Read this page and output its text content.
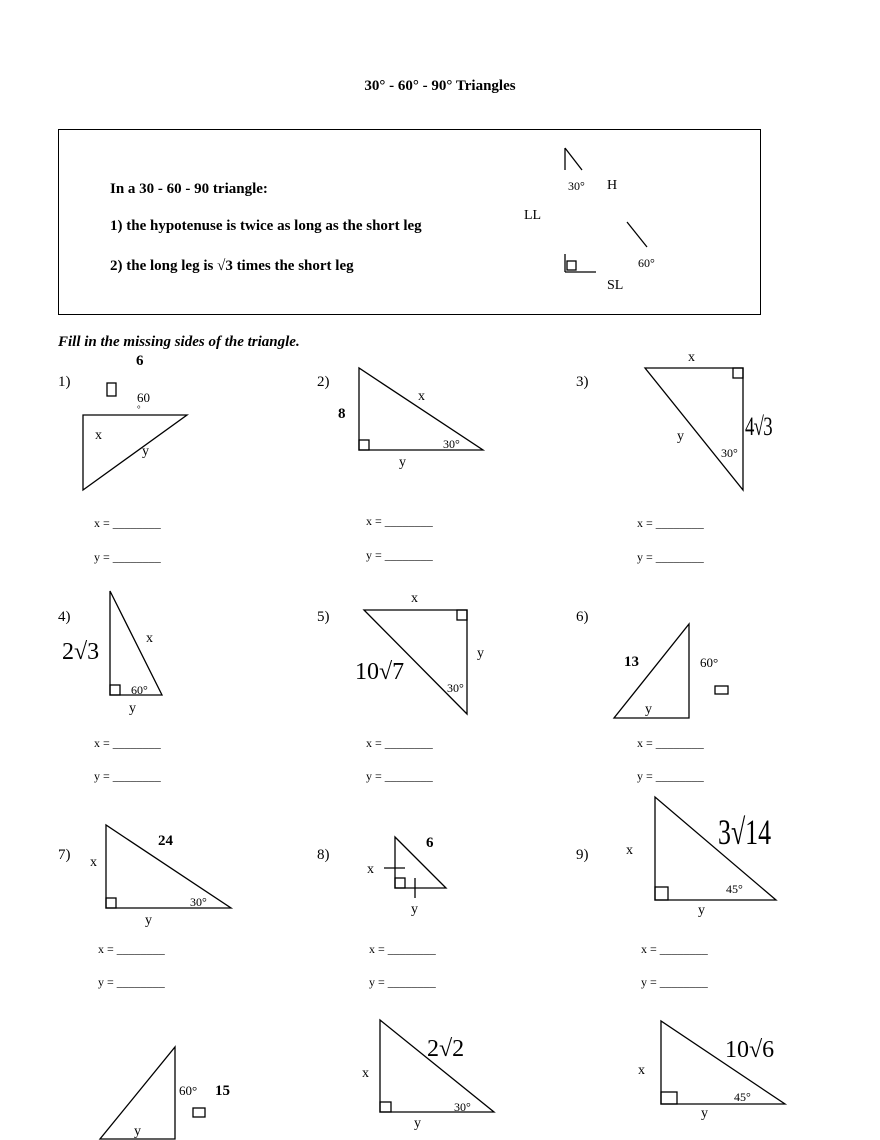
30° - 60° - 90° Triangles
In a 30 - 60 - 90 triangle:
1) the hypotenuse is twice as long as the short leg
2) the long leg is √3 times the short leg
30° H
LL
60°
SL
Fill in the missing sides of the triangle.
1)
6
60
°
x
y
x = ________
y = ________
2)
8
x
30°
y
x = ________
y = ________
3)
x
4√3
y
30°
x = ________
y = ________
4)
2√3
x
60°
y
x = ________
y = ________
5)
x
10√7
y
30°
x = ________
y = ________
6)
13	60°
y
x = ________
y = ________
7)
24
x
30°
y
x = ________
y = ________
8)
6
x
y
x = ________
y = ________
9)	x 3√14
45°
y
x = ________
y = ________
60° 15
y
2√2
x
30°
y
10√6
x
45°
y
